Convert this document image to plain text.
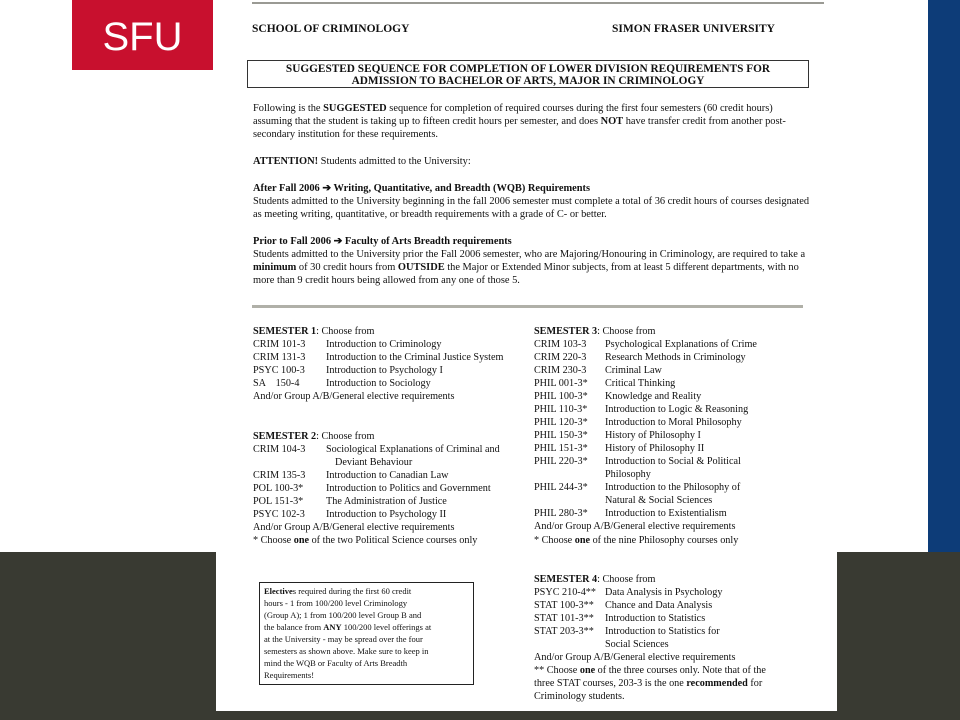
SFU	SCHOOL OF CRIMINOLOGY	SIMON FRASER UNIVERSITY
SUGGESTED SEQUENCE FOR COMPLETION OF LOWER DIVISION REQUIREMENTS FOR
ADMISSION TO BACHELOR OF ARTS, MAJOR IN CRIMINOLOGY
Following is the SUGGESTED sequence for completion of required courses during the first four semesters (60 credit hours) assuming that the student is taking up to fifteen credit hours per semester, and does NOT have transfer credit from another post-secondary institution for these requirements.
ATTENTION! Students admitted to the University:
After Fall 2006 ➔ Writing, Quantitative, and Breadth (WQB) Requirements
Students admitted to the University beginning in the fall 2006 semester must complete a total of 36 credit hours of courses designated as meeting writing, quantitative, or breadth requirements with a grade of C- or better.
Prior to Fall 2006 ➔ Faculty of Arts Breadth requirements
Students admitted to the University prior the Fall 2006 semester, who are Majoring/Honouring in Criminology, are required to take a minimum of 30 credit hours from OUTSIDE the Major or Extended Minor subjects, from at least 5 different departments, with no more than 9 credit hours being allowed from any one of those 5.
SEMESTER 1: Choose from
CRIM 101-3 Introduction to Criminology
CRIM 131-3 Introduction to the Criminal Justice System
PSYC 100-3 Introduction to Psychology I
SA    150-4	Introduction to Sociology
And/or Group A/B/General elective requirements
SEMESTER 2: Choose from
CRIM 104-3 Sociological Explanations of Criminal and
Deviant Behaviour
CRIM 135-3 Introduction to Canadian Law
POL 100-3* Introduction to Politics and Government
POL 151-3* The Administration of Justice
PSYC 102-3 Introduction to Psychology II
And/or Group A/B/General elective requirements
* Choose one of the two Political Science courses only
SEMESTER 3: Choose from
CRIM 103-3 Psychological Explanations of Crime
CRIM 220-3 Research Methods in Criminology
CRIM 230-3 Criminal Law
PHIL 001-3* Critical Thinking
PHIL 100-3* Knowledge and Reality
PHIL 110-3* Introduction to Logic & Reasoning
PHIL 120-3* Introduction to Moral Philosophy
PHIL 150-3* History of Philosophy I
PHIL 151-3* History of Philosophy II
PHIL 220-3* Introduction to Social & Political
Philosophy
PHIL 244-3* Introduction to the Philosophy of
Natural & Social Sciences
PHIL 280-3* Introduction to Existentialism
And/or Group A/B/General elective requirements
* Choose one of the nine Philosophy courses only
SEMESTER 4: Choose from
PSYC 210-4** Data Analysis in Psychology
STAT 100-3** Chance and Data Analysis
STAT 101-3** Introduction to Statistics
STAT 203-3** Introduction to Statistics for
Social Sciences
And/or Group A/B/General elective requirements
** Choose one of the three courses only. Note that of the
three STAT courses, 203-3 is the one recommended for
Criminology students.
Electives required during the first 60 credit
hours - 1 from 100/200 level Criminology
(Group A); 1 from 100/200 level Group B and
the balance from ANY 100/200 level offerings at
at the University - may be spread over the four
semesters as shown above. Make sure to keep in
mind the WQB or Faculty of Arts Breadth
Requirements!
